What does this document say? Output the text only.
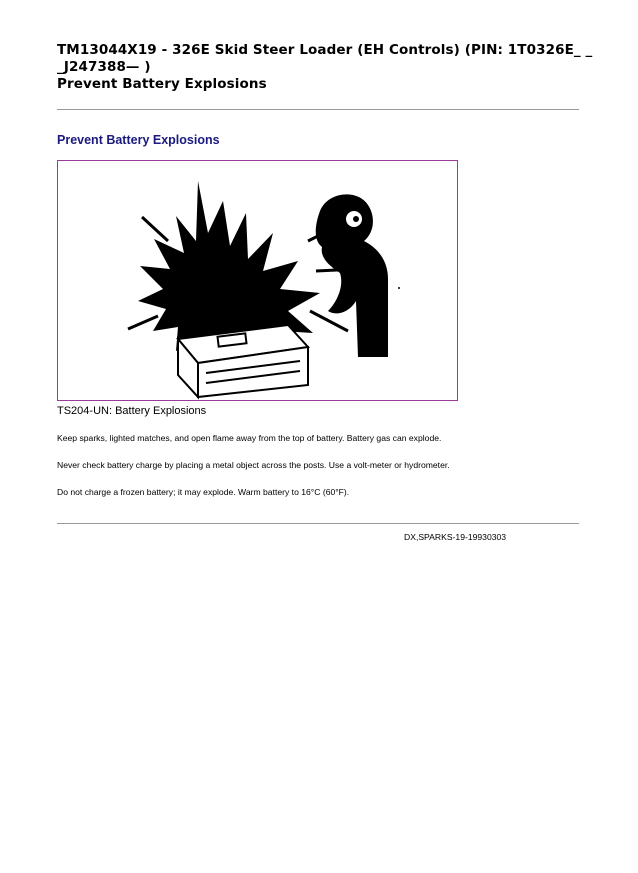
TM13044X19 - 326E Skid Steer Loader (EH Controls) (PIN: 1T0326E_ _
_J247388— )
Prevent Battery Explosions
Prevent Battery Explosions
TS204-UN: Battery Explosions
Keep sparks, lighted matches, and open flame away from the top of battery. Battery gas can explode.
Never check battery charge by placing a metal object across the posts. Use a volt-meter or hydrometer.
Do not charge a frozen battery; it may explode. Warm battery to 16°C (60°F).
DX,SPARKS-19-19930303
